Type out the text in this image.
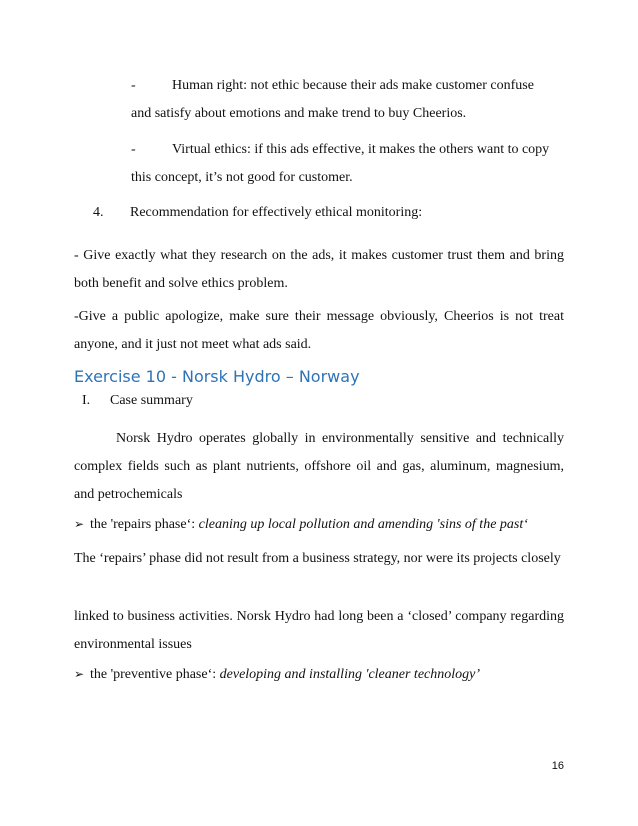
-	Human right: not ethic because their ads make customer confuse
and satisfy about emotions and make trend to buy Cheerios.

-	Virtual ethics: if this ads effective, it makes the others want to copy
this concept, it’s not good for customer.

4. Recommendation for effectively ethical monitoring:

- Give exactly what they research on the ads, it makes customer trust them and bring both benefit and solve ethics problem.

-Give a public apologize, make sure their message obviously, Cheerios is not treat anyone, and it just not meet what ads said.

Exercise 10 - Norsk Hydro – Norway

I. Case summary

Norsk Hydro operates globally in environmentally sensitive and technically complex fields such as plant nutrients, offshore oil and gas, aluminum, magnesium, and petrochemicals

➢ the 'repairs phase‘: cleaning up local pollution and amending 'sins of the past‘

The ‘repairs’ phase did not result from a business strategy, nor were its projects closely

linked to business activities. Norsk Hydro had long been a ‘closed’ company regarding environmental issues

➢ the 'preventive phase‘: developing and installing 'cleaner technology’

16
